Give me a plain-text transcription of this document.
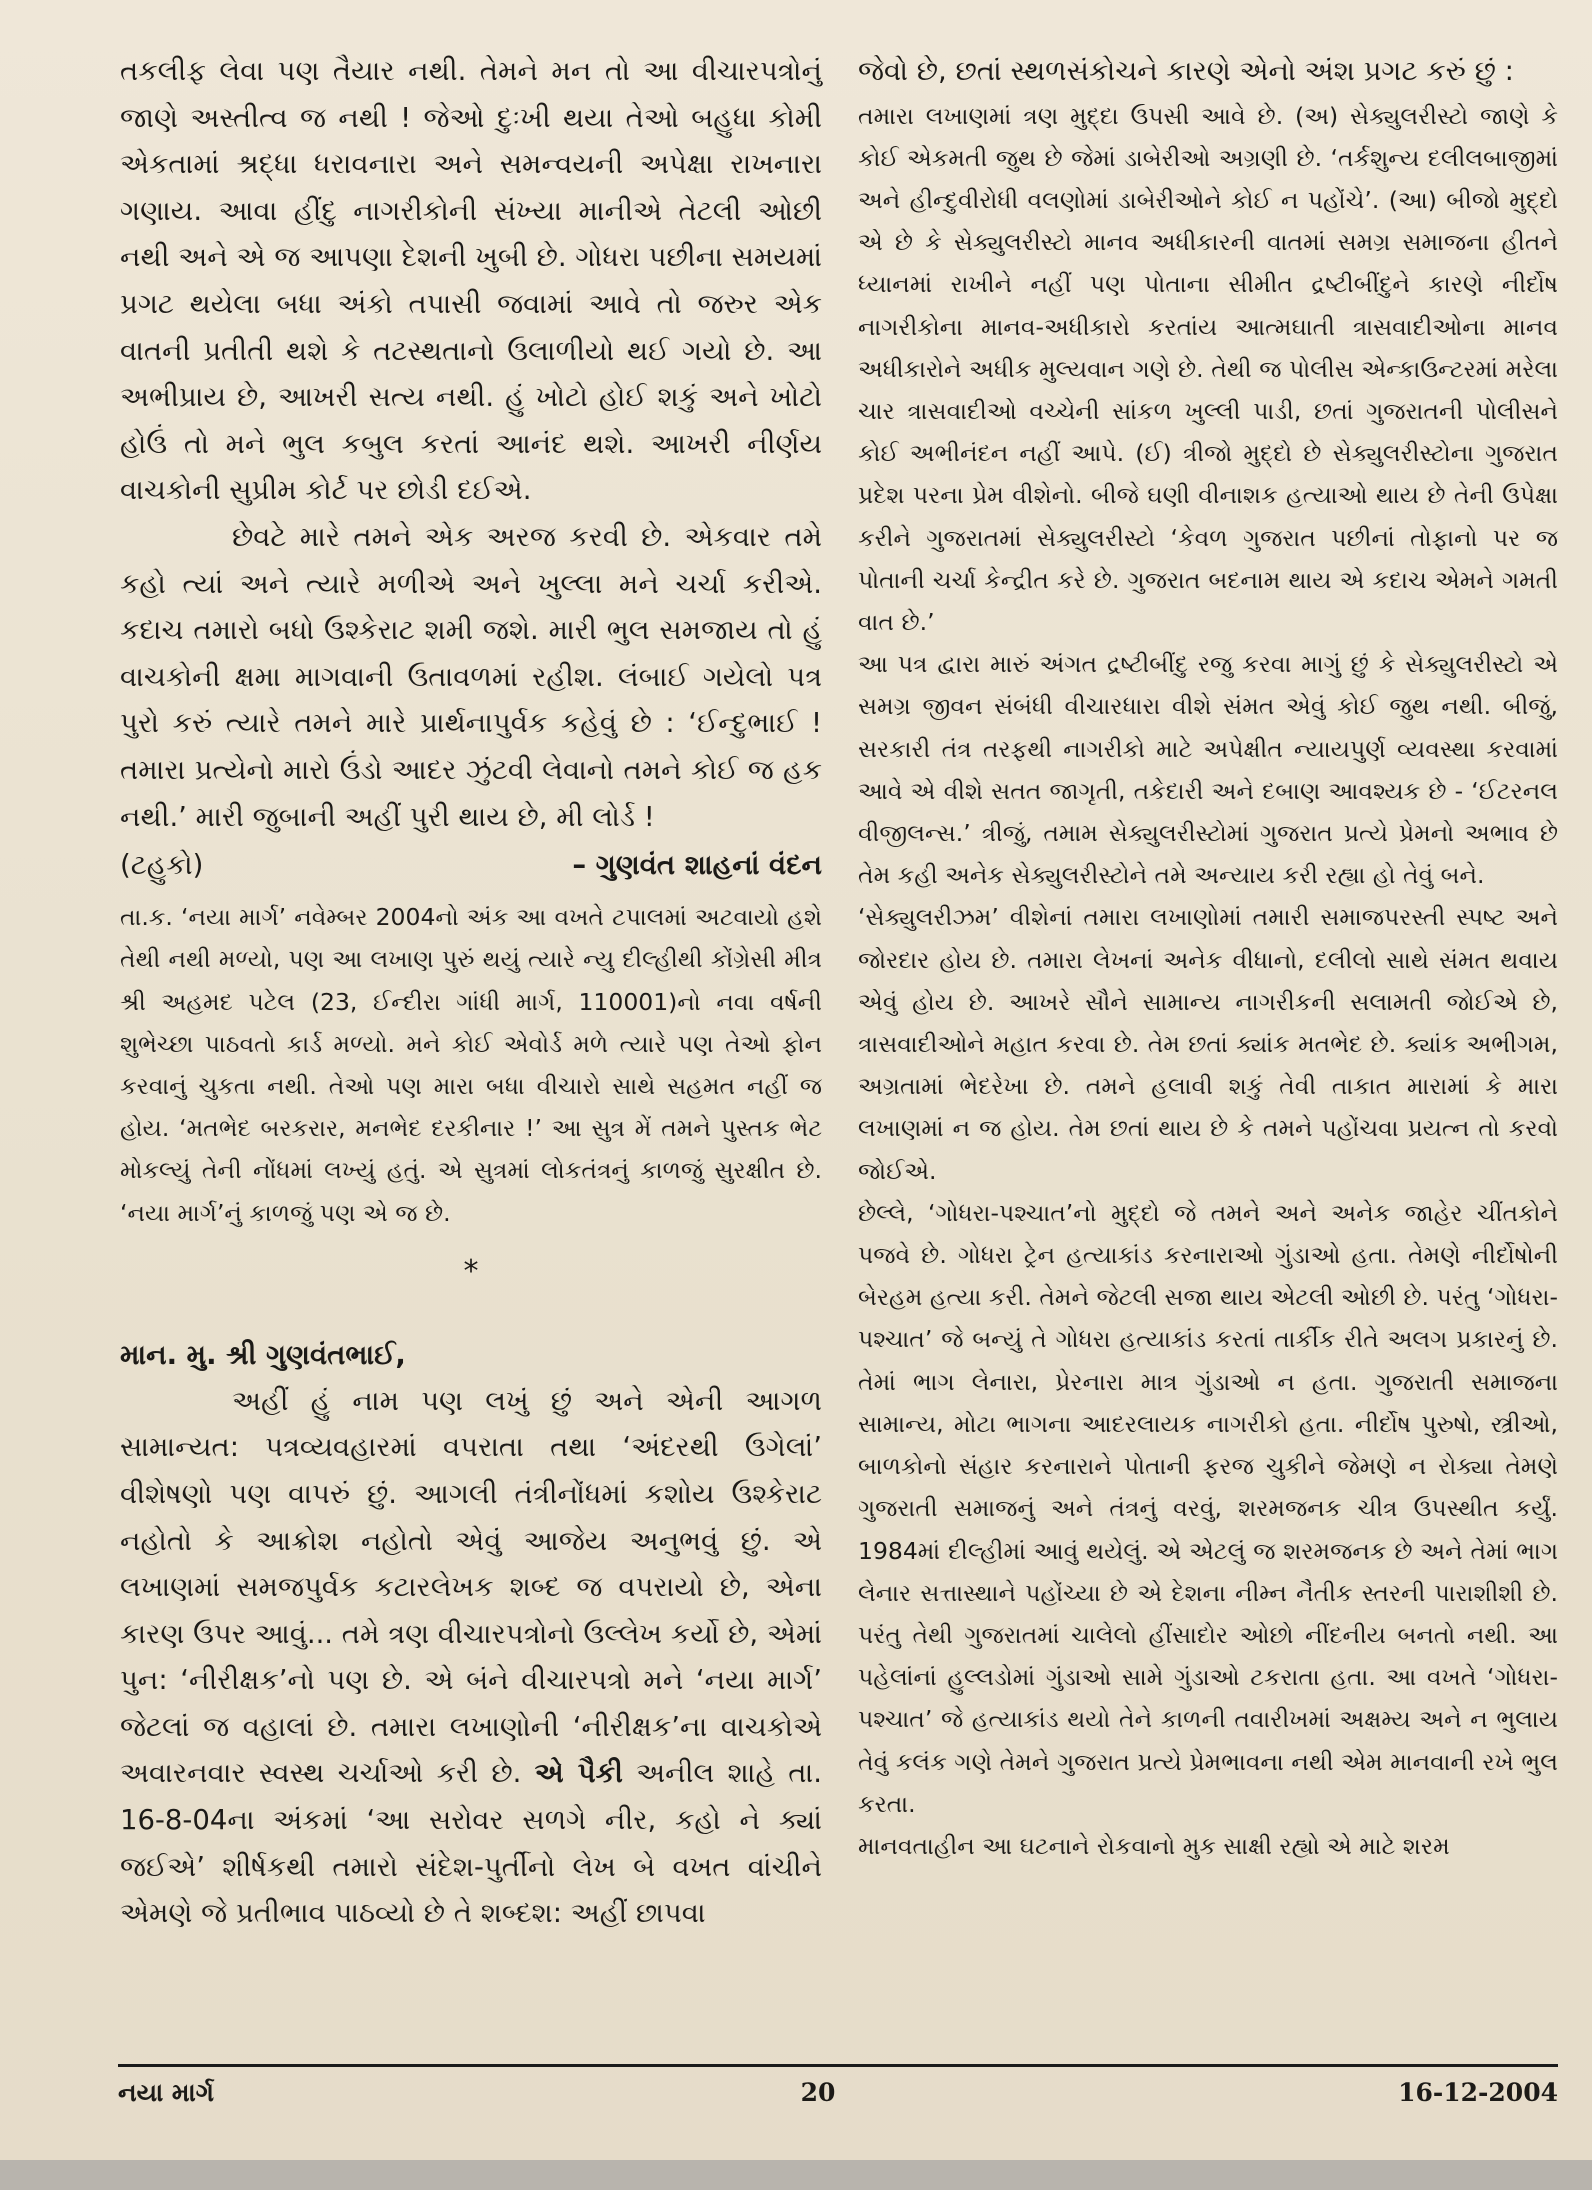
તકલીફ લેવા પણ તૈયાર નથી. તેમને મન તો આ વીચારપત્રોનું જાણે અસ્તીત્વ જ નથી ! જેઓ દુઃખી થયા તેઓ બહુધા કોમી એકતામાં શ્રદ્ધા ધરાવનારા અને સમન્વયની અપેક્ષા રાખનારા ગણાય. આવા હીંદુ નાગરીકોની સંખ્યા માનીએ તેટલી ઓછી નથી અને એ જ આપણા દેશની ખુબી છે. ગોધરા પછીના સમયમાં પ્રગટ થયેલા બધા અંકો તપાસી જવામાં આવે તો જરુર એક વાતની પ્રતીતી થશે કે તટસ્થતાનો ઉલાળીયો થઈ ગયો છે. આ અભીપ્રાય છે, આખરી સત્ય નથી. હું ખોટો હોઈ શકું અને ખોટો હોઉં તો મને ભુલ કબુલ કરતાં આનંદ થશે. આખરી નીર્ણય વાચકોની સુપ્રીમ કોર્ટ પર છોડી દઈએ.

છેવટે મારે તમને એક અરજ કરવી છે. એકવાર તમે કહો ત્યાં અને ત્યારે મળીએ અને ખુલ્લા મને ચર્ચા કરીએ. કદાચ તમારો બધો ઉશ્કેરાટ શમી જશે. મારી ભુલ સમજાય તો હું વાચકોની ક્ષમા માગવાની ઉતાવળમાં રહીશ. લંબાઈ ગયેલો પત્ર પુરો કરું ત્યારે તમને મારે પ્રાર્થનાપુર્વક કહેવું છે : ‘ઈન્દુભાઈ ! તમારા પ્રત્યેનો મારો ઉંડો આદર ઝુંટવી લેવાનો તમને કોઈ જ હક નથી.’ મારી જુબાની અહીં પુરી થાય છે, મી લોર્ડ !

(ટહુકો)	– ગુણવંત શાહનાં વંદન

તા.ક. ‘નયા માર્ગ’ નવેમ્બર 2004નો અંક આ વખતે ટપાલમાં અટવાયો હશે તેથી નથી મળ્યો, પણ આ લખાણ પુરું થયું ત્યારે ન્યુ દીલ્હીથી કોંગ્રેસી મીત્ર શ્રી અહમદ પટેલ (23, ઈન્દીરા ગાંધી માર્ગ, 110001)નો નવા વર્ષની શુભેચ્છા પાઠવતો કાર્ડ મળ્યો. મને કોઈ એવોર્ડ મળે ત્યારે પણ તેઓ ફોન કરવાનું ચુકતા નથી. તેઓ પણ મારા બધા વીચારો સાથે સહમત નહીં જ હોય. ‘મતભેદ બરકરાર, મનભેદ દરકીનાર !’ આ સુત્ર મેં તમને પુસ્તક ભેટ મોકલ્યું તેની નોંધમાં લખ્યું હતું. એ સુત્રમાં લોકતંત્રનું કાળજું સુરક્ષીત છે. ‘નયા માર્ગ’નું કાળજું પણ એ જ છે.

*
માન. મુ. શ્રી ગુણવંતભાઈ,

અહીં હું નામ પણ લખું છું અને એની આગળ સામાન્યત: પત્રવ્યવહારમાં વપરાતા તથા ‘અંદરથી ઉગેલાં’ વીશેષણો પણ વાપરું છું. આગલી તંત્રીનોંધમાં કશોય ઉશ્કેરાટ નહોતો કે આક્રોશ નહોતો એવું આજેય અનુભવું છું. એ લખાણમાં સમજપુર્વક કટારલેખક શબ્દ જ વપરાયો છે, એના કારણ ઉપર આવું... તમે ત્રણ વીચારપત્રોનો ઉલ્લેખ કર્યો છે, એમાં પુન: ‘નીરીક્ષક’નો પણ છે. એ બંને વીચારપત્રો મને ‘નયા માર્ગ’ જેટલાં જ વહાલાં છે. તમારા લખાણોની ‘નીરીક્ષક’ના વાચકોએ અવારનવાર સ્વસ્થ ચર્ચાઓ કરી છે. એ પૈકી અનીલ શાહે તા. 16-8-04ના અંકમાં ‘આ સરોવર સળગે નીર, કહો ને ક્યાં જઈએ’ શીર્ષકથી તમારો સંદેશ-પુર્તીનો લેખ બે વખત વાંચીને એમણે જે પ્રતીભાવ પાઠવ્યો છે તે શબ્દશ: અહીં છાપવા

જેવો છે, છતાં સ્થળસંકોચને કારણે એનો અંશ પ્રગટ કરું છું :

તમારા લખાણમાં ત્રણ મુદ્દા ઉપસી આવે છે. (અ) સેક્યુલરીસ્ટો જાણે કે કોઈ એકમતી જુથ છે જેમાં ડાબેરીઓ અગ્રણી છે. ‘તર્કશુન્ય દલીલબાજીમાં અને હીન્દુવીરોધી વલણોમાં ડાબેરીઓને કોઈ ન પહોંચે’. (આ) બીજો મુદ્દો એ છે કે સેક્યુલરીસ્ટો માનવ અધીકારની વાતમાં સમગ્ર સમાજના હીતને ધ્યાનમાં રાખીને નહીં પણ પોતાના સીમીત દ્રષ્ટીબીંદુને કારણે નીર્દોષ નાગરીકોના માનવ-અધીકારો કરતાંય આત્મઘાતી ત્રાસવાદીઓના માનવ અધીકારોને અધીક મુલ્યવાન ગણે છે. તેથી જ પોલીસ એન્કાઉન્ટરમાં મરેલા ચાર ત્રાસવાદીઓ વચ્ચેની સાંકળ ખુલ્લી પાડી, છતાં ગુજરાતની પોલીસને કોઈ અભીનંદન નહીં આપે. (ઈ) ત્રીજો મુદ્દો છે સેક્યુલરીસ્ટોના ગુજરાત પ્રદેશ પરના પ્રેમ વીશેનો. બીજે ઘણી વીનાશક હત્યાઓ થાય છે તેની ઉપેક્ષા કરીને ગુજરાતમાં સેક્યુલરીસ્ટો ‘કેવળ ગુજરાત પછીનાં તોફાનો પર જ પોતાની ચર્ચા કેન્દ્રીત કરે છે. ગુજરાત બદનામ થાય એ કદાચ એમને ગમતી વાત છે.’

આ પત્ર દ્વારા મારું અંગત દ્રષ્ટીબીંદુ રજુ કરવા માગું છું કે સેક્યુલરીસ્ટો એ સમગ્ર જીવન સંબંધી વીચારધારા વીશે સંમત એવું કોઈ જુથ નથી. બીજું, સરકારી તંત્ર તરફથી નાગરીકો માટે અપેક્ષીત ન્યાયપુર્ણ વ્યવસ્થા કરવામાં આવે એ વીશે સતત જાગૃતી, તકેદારી અને દબાણ આવશ્યક છે - ‘ઈટરનલ વીજીલન્સ.’ ત્રીજું, તમામ સેક્યુલરીસ્ટોમાં ગુજરાત પ્રત્યે પ્રેમનો અભાવ છે તેમ કહી અનેક સેક્યુલરીસ્ટોને તમે અન્યાય કરી રહ્યા હો તેવું બને.

‘સેક્યુલરીઝમ’ વીશેનાં તમારા લખાણોમાં તમારી સમાજપરસ્તી સ્પષ્ટ અને જોરદાર હોય છે. તમારા લેખનાં અનેક વીધાનો, દલીલો સાથે સંમત થવાય એવું હોય છે. આખરે સૌને સામાન્ય નાગરીકની સલામતી જોઈએ છે, ત્રાસવાદીઓને મહાત કરવા છે. તેમ છતાં ક્યાંક મતભેદ છે. ક્યાંક અભીગમ, અગ્રતામાં ભેદરેખા છે. તમને હલાવી શકું તેવી તાકાત મારામાં કે મારા લખાણમાં ન જ હોય. તેમ છતાં થાય છે કે તમને પહોંચવા પ્રયત્ન તો કરવો જોઈએ.

છેલ્લે, ‘ગોધરા-પશ્ચાત’નો મુદ્દો જે તમને અને અનેક જાહેર ચીંતકોને પજવે છે. ગોધરા ટ્રેન હત્યાકાંડ કરનારાઓ ગુંડાઓ હતા. તેમણે નીર્દોષોની બેરહમ હત્યા કરી. તેમને જેટલી સજા થાય એટલી ઓછી છે. પરંતુ ‘ગોધરા-પશ્ચાત’ જે બન્યું તે ગોધરા હત્યાકાંડ કરતાં તાર્કીક રીતે અલગ પ્રકારનું છે. તેમાં ભાગ લેનારા, પ્રેરનારા માત્ર ગુંડાઓ ન હતા. ગુજરાતી સમાજના સામાન્ય, મોટા ભાગના આદરલાયક નાગરીકો હતા. નીર્દોષ પુરુષો, સ્ત્રીઓ, બાળકોનો સંહાર કરનારાને પોતાની ફરજ ચુકીને જેમણે ન રોક્યા તેમણે ગુજરાતી સમાજનું અને તંત્રનું વરવું, શરમજનક ચીત્ર ઉપસ્થીત કર્યું. 1984માં દીલ્હીમાં આવું થયેલું. એ એટલું જ શરમજનક છે અને તેમાં ભાગ લેનાર સત્તાસ્થાને પહોંચ્યા છે એ દેશના નીમ્ન નૈતીક સ્તરની પારાશીશી છે. પરંતુ તેથી ગુજરાતમાં ચાલેલો હીંસાદોર ઓછો નીંદનીય બનતો નથી. આ પહેલાંનાં હુલ્લડોમાં ગુંડાઓ સામે ગુંડાઓ ટકરાતા હતા. આ વખતે ‘ગોધરા- પશ્ચાત’ જે હત્યાકાંડ થયો તેને કાળની તવારીખમાં અક્ષમ્ય અને ન ભુલાય તેવું કલંક ગણે તેમને ગુજરાત પ્રત્યે પ્રેમભાવના નથી એમ માનવાની રખે ભુલ કરતા.

માનવતાહીન આ ઘટનાને રોકવાનો મુક સાક્ષી રહ્યો એ માટે શરમ

નયા માર્ગ	20	16-12-2004
